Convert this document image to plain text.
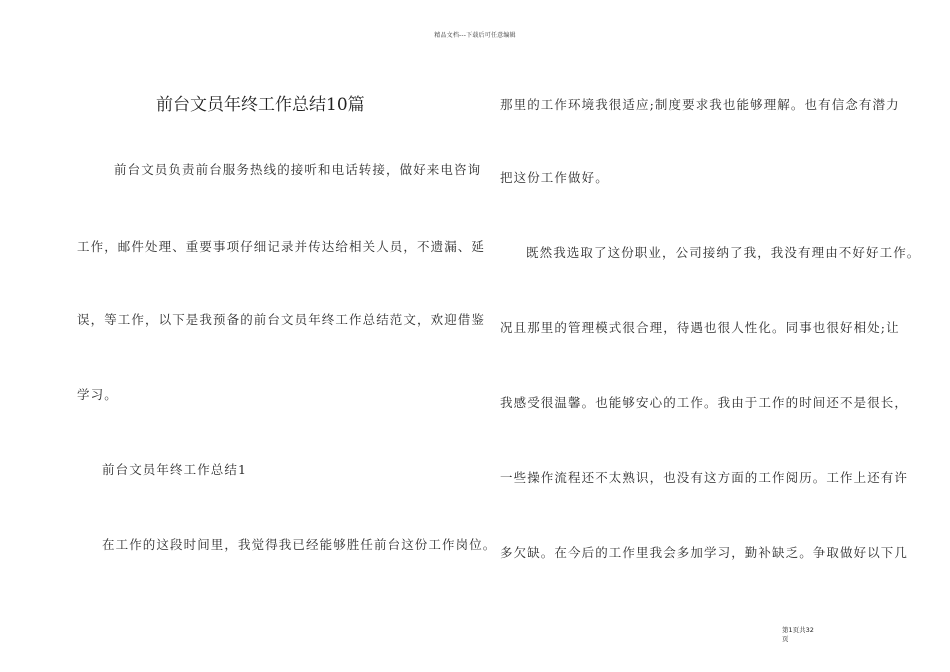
精品文档---下载后可任意编辑
前台文员年终工作总结10篇
前台文员负责前台服务热线的接听和电话转接，做好来电咨询
工作，邮件处理、重要事项仔细记录并传达给相关人员，不遗漏、延
误，等工作，以下是我预备的前台文员年终工作总结范文，欢迎借鉴
学习。
前台文员年终工作总结1
在工作的这段时间里，我觉得我已经能够胜任前台这份工作岗位。
那里的工作环境我很适应;制度要求我也能够理解。也有信念有潜力
把这份工作做好。
既然我选取了这份职业，公司接纳了我，我没有理由不好好工作。
况且那里的管理模式很合理，待遇也很人性化。同事也很好相处;让
我感受很温馨。也能够安心的工作。我由于工作的时间还不是很长，
一些操作流程还不太熟识，也没有这方面的工作阅历。工作上还有许
多欠缺。在今后的工作里我会多加学习，勤补缺乏。争取做好以下几
第1页共32
页
